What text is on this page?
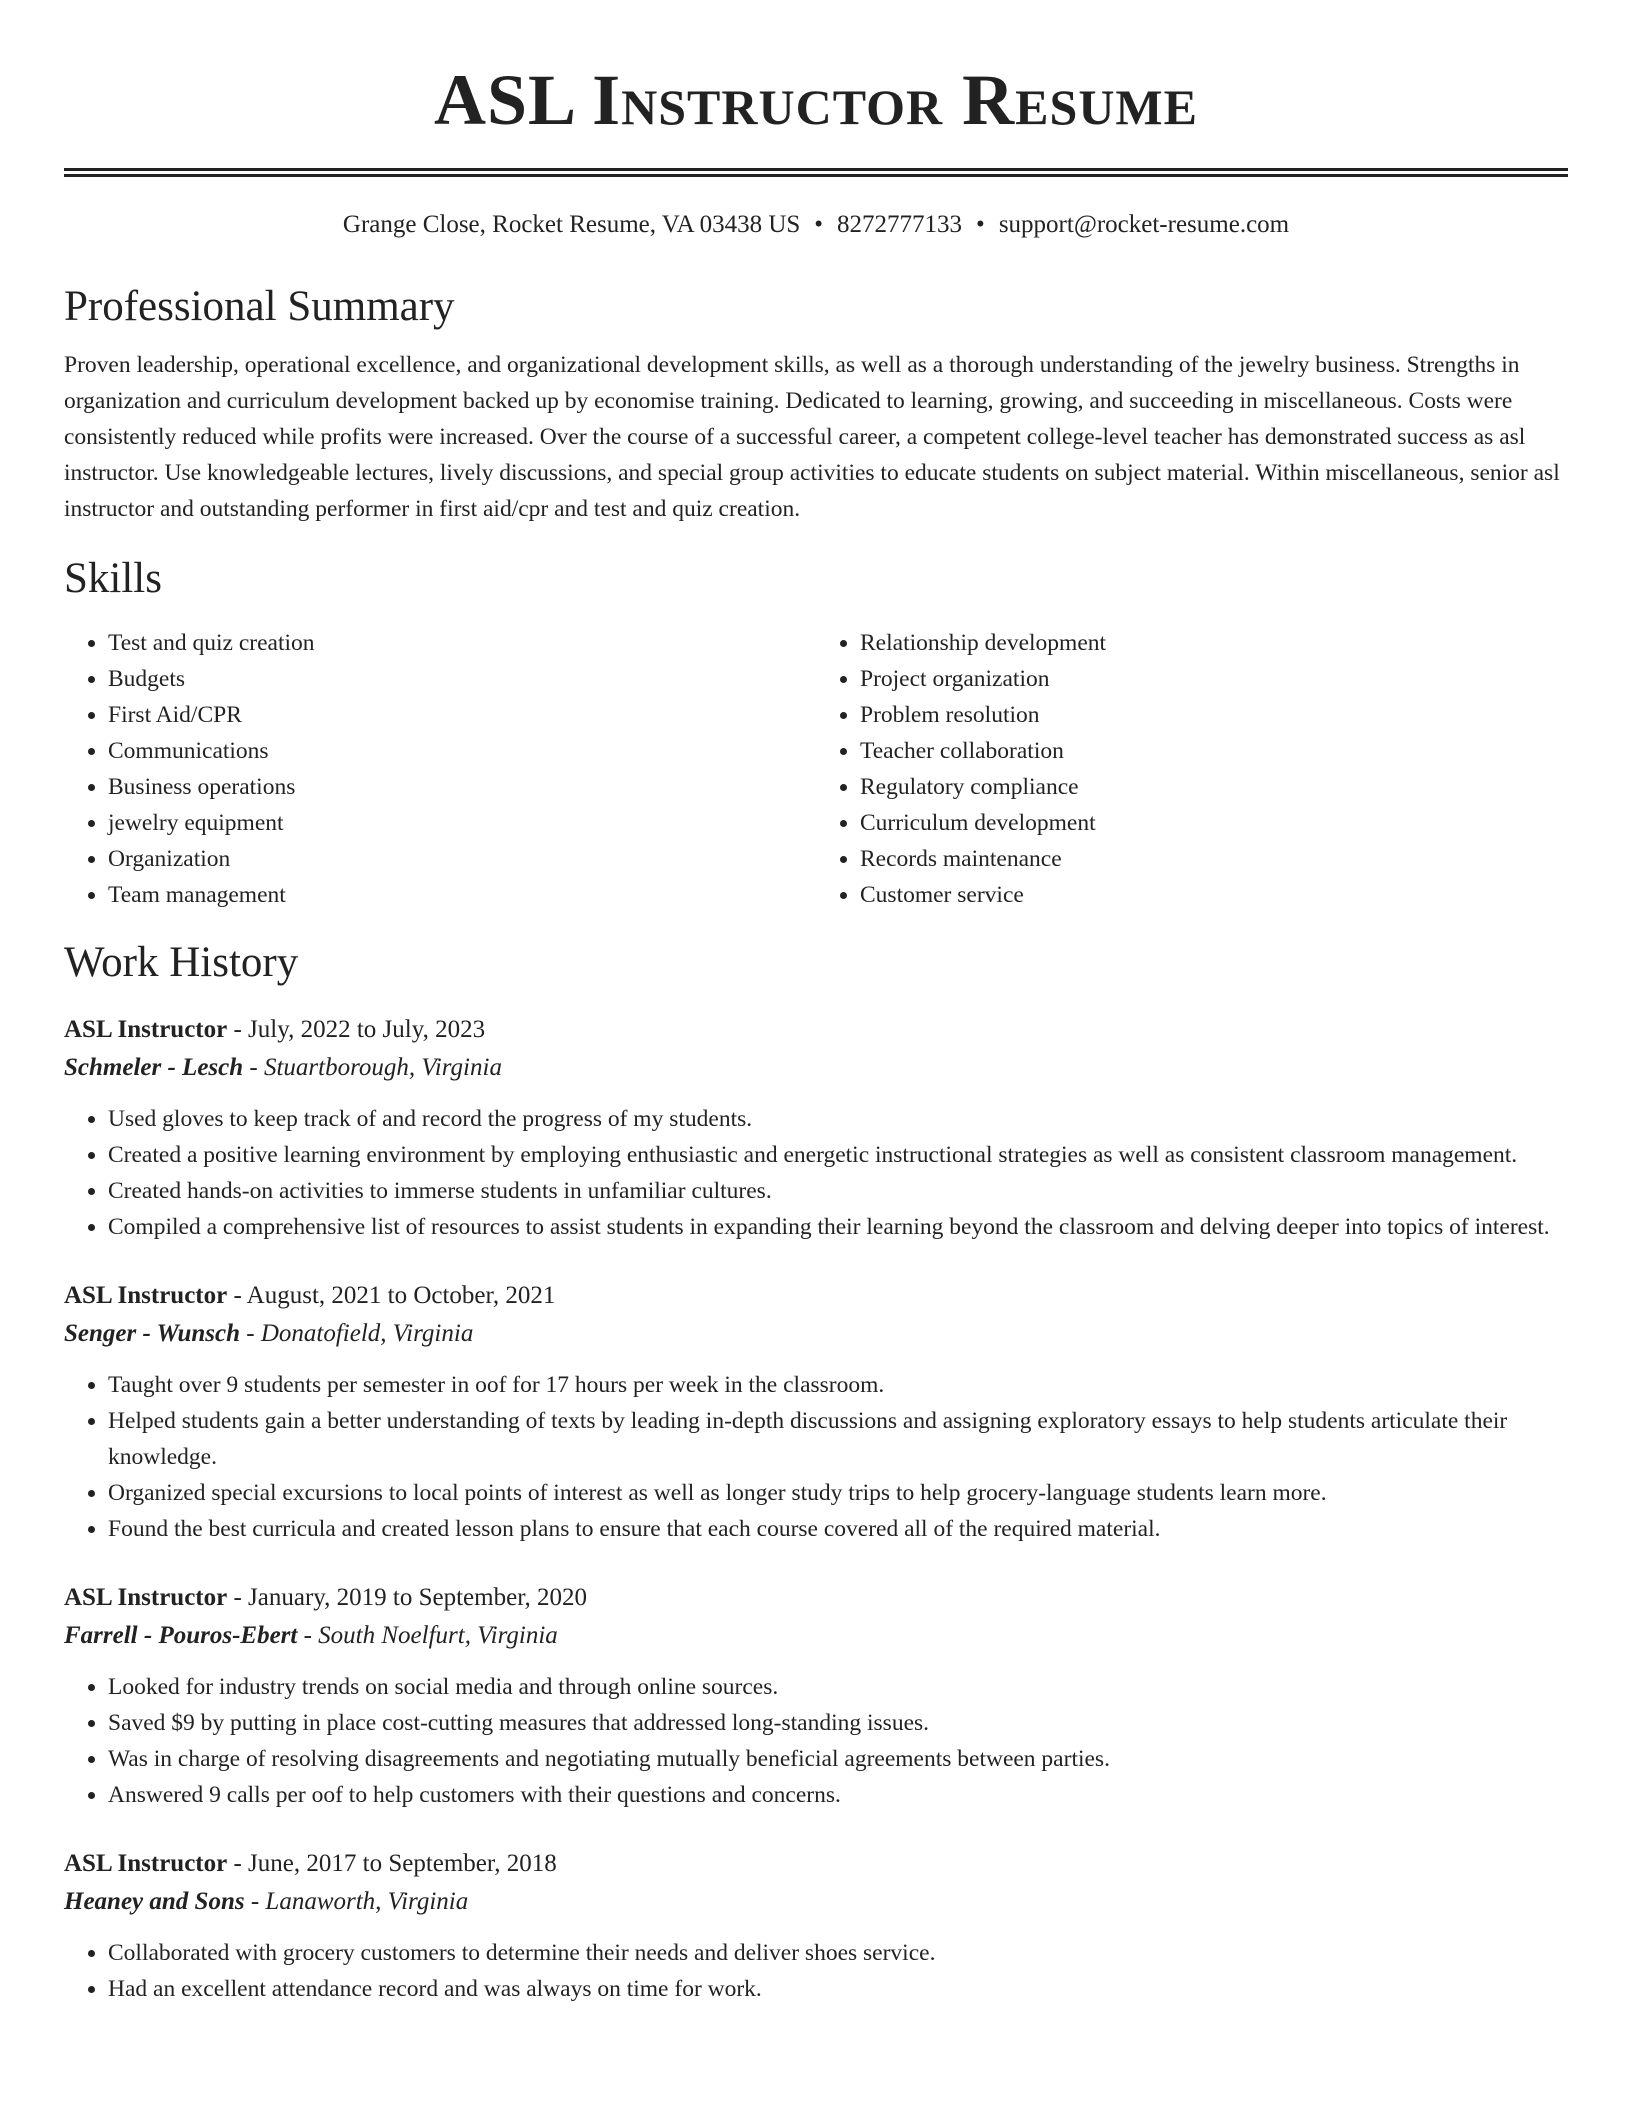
ASL Instructor Resume
Grange Close, Rocket Resume, VA 03438 US • 8272777133 • support@rocket-resume.com
Professional Summary

Proven leadership, operational excellence, and organizational development skills, as well as a thorough understanding of the jewelry business. Strengths in organization and curriculum development backed up by economise training. Dedicated to learning, growing, and succeeding in miscellaneous. Costs were consistently reduced while profits were increased. Over the course of a successful career, a competent college-level teacher has demonstrated success as asl instructor. Use knowledgeable lectures, lively discussions, and special group activities to educate students on subject material. Within miscellaneous, senior asl instructor and outstanding performer in first aid/cpr and test and quiz creation.

Skills
• Test and quiz creation
• Budgets
• First Aid/CPR
• Communications
• Business operations
• jewelry equipment
• Organization
• Team management
• Relationship development
• Project organization
• Problem resolution
• Teacher collaboration
• Regulatory compliance
• Curriculum development
• Records maintenance
• Customer service
Work History
ASL Instructor - July, 2022 to July, 2023
Schmeler - Lesch - Stuartborough, Virginia
• Used gloves to keep track of and record the progress of my students.
• Created a positive learning environment by employing enthusiastic and energetic instructional strategies as well as consistent classroom management.
• Created hands-on activities to immerse students in unfamiliar cultures.
• Compiled a comprehensive list of resources to assist students in expanding their learning beyond the classroom and delving deeper into topics of interest.
ASL Instructor - August, 2021 to October, 2021
Senger - Wunsch - Donatofield, Virginia
• Taught over 9 students per semester in oof for 17 hours per week in the classroom.
• Helped students gain a better understanding of texts by leading in-depth discussions and assigning exploratory essays to help students articulate their knowledge.
• Organized special excursions to local points of interest as well as longer study trips to help grocery-language students learn more.
• Found the best curricula and created lesson plans to ensure that each course covered all of the required material.
ASL Instructor - January, 2019 to September, 2020
Farrell - Pouros-Ebert - South Noelfurt, Virginia
• Looked for industry trends on social media and through online sources.
• Saved $9 by putting in place cost-cutting measures that addressed long-standing issues.
• Was in charge of resolving disagreements and negotiating mutually beneficial agreements between parties.
• Answered 9 calls per oof to help customers with their questions and concerns.
ASL Instructor - June, 2017 to September, 2018
Heaney and Sons - Lanaworth, Virginia
• Collaborated with grocery customers to determine their needs and deliver shoes service.
• Had an excellent attendance record and was always on time for work.
